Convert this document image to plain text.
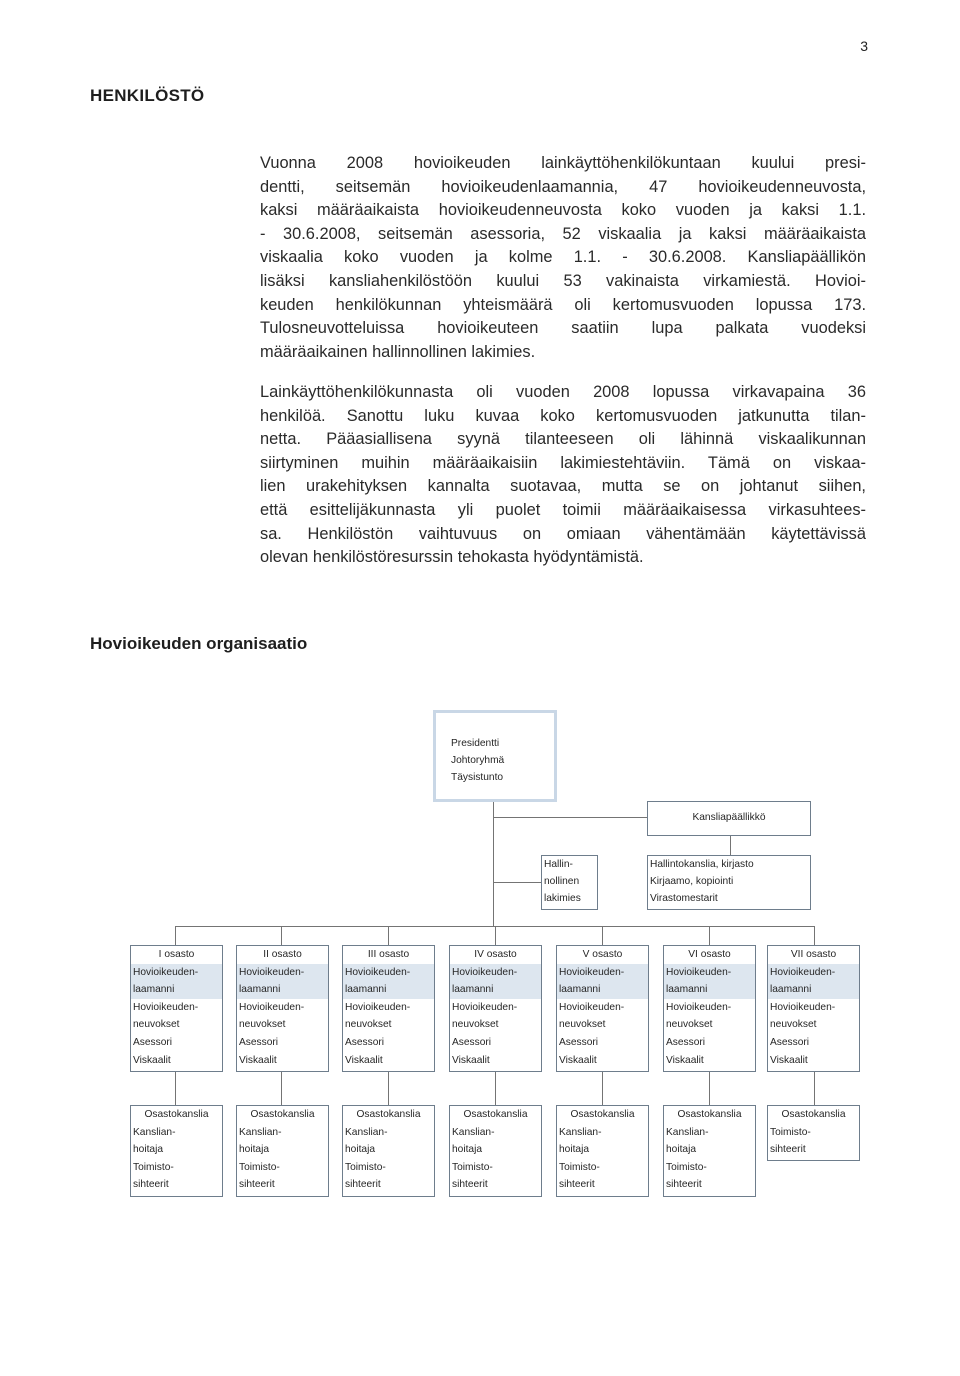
3
HENKILÖSTÖ
Vuonna 2008 hovioikeuden lainkäyttöhenkilökuntaan kuului presi-
dentti, seitsemän hovioikeudenlaamannia, 47 hovioikeudenneuvosta,
kaksi määräaikaista hovioikeudenneuvosta koko vuoden ja kaksi 1.1.
- 30.6.2008, seitsemän asessoria, 52 viskaalia ja kaksi määräaikaista
viskaalia koko vuoden ja kolme 1.1. - 30.6.2008. Kansliapäällikön
lisäksi kansliahenkilöstöön kuului 53 vakinaista virkamiestä. Hovioi-
keuden henkilökunnan yhteismäärä oli kertomusvuoden lopussa 173.
Tulosneuvotteluissa hovioikeuteen saatiin lupa palkata vuodeksi
määräaikainen hallinnollinen lakimies.
Lainkäyttöhenkilökunnasta oli vuoden 2008 lopussa virkavapaina 36
henkilöä. Sanottu luku kuvaa koko kertomusvuoden jatkunutta tilan-
netta. Pääasiallisena syynä tilanteeseen oli lähinnä viskaalikunnan
siirtyminen muihin määräaikaisiin lakimiestehtäviin. Tämä on viskaa-
lien urakehityksen kannalta suotavaa, mutta se on johtanut siihen,
että esittelijäkunnasta yli puolet toimii määräaikaisessa virkasuhtees-
sa. Henkilöstön vaihtuvuus on omiaan vähentämään käytettävissä
olevan henkilöstöresurssin tehokasta hyödyntämistä.
Hovioikeuden organisaatio
Presidentti
Johtoryhmä
Täysistunto
Kansliapäällikkö
Hallin-
nollinen
lakimies
Hallintokanslia, kirjasto
Kirjaamo, kopiointi
Virastomestarit
I osasto
Hovioikeuden-
laamanni
Hovioikeuden-
neuvokset
Asessori
Viskaalit
II osasto
Hovioikeuden-
laamanni
Hovioikeuden-
neuvokset
Asessori
Viskaalit
III osasto
Hovioikeuden-
laamanni
Hovioikeuden-
neuvokset
Asessori
Viskaalit
IV osasto
Hovioikeuden-
laamanni
Hovioikeuden-
neuvokset
Asessori
Viskaalit
V osasto
Hovioikeuden-
laamanni
Hovioikeuden-
neuvokset
Asessori
Viskaalit
VI osasto
Hovioikeuden-
laamanni
Hovioikeuden-
neuvokset
Asessori
Viskaalit
VII osasto
Hovioikeuden-
laamanni
Hovioikeuden-
neuvokset
Asessori
Viskaalit
Osastokanslia
Kanslian-
hoitaja
Toimisto-
sihteerit
Osastokanslia
Kanslian-
hoitaja
Toimisto-
sihteerit
Osastokanslia
Kanslian-
hoitaja
Toimisto-
sihteerit
Osastokanslia
Kanslian-
hoitaja
Toimisto-
sihteerit
Osastokanslia
Kanslian-
hoitaja
Toimisto-
sihteerit
Osastokanslia
Kanslian-
hoitaja
Toimisto-
sihteerit
Osastokanslia
Toimisto-
sihteerit
